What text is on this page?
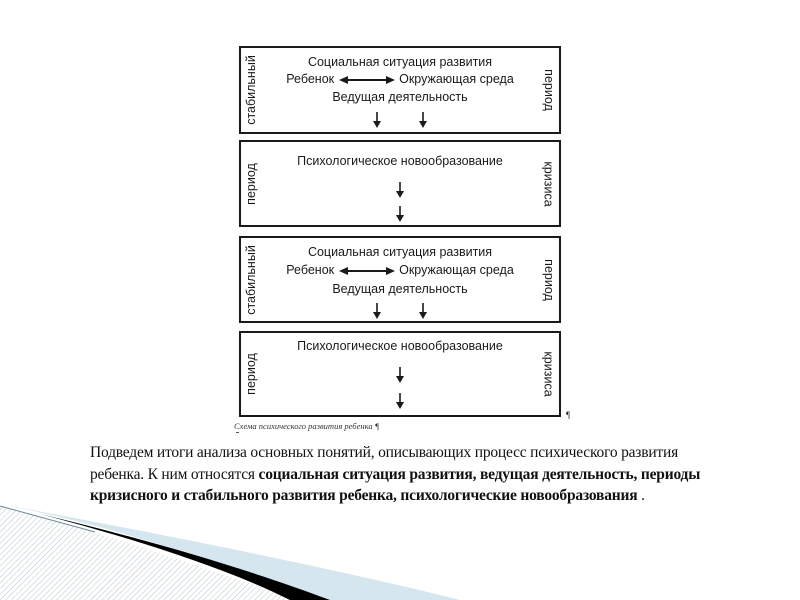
стабильный	период
Социальная ситуация развития
Ребенок	Окружающая среда
Ведущая деятельность
период	кризиса
Психологическое новообразование
стабильный	период
Социальная ситуация развития
Ребенок	Окружающая среда
Ведущая деятельность
период	кризиса
Психологическое новообразование
¶
Схема психического развития ребенка ¶
Подведем итоги анализа основных понятий, описывающих процесс психического развития ребенка. К ним относятся социальная ситуация развития, ведущая деятельность, периоды кризисного и стабильного развития ребенка, психологические новообразования .
